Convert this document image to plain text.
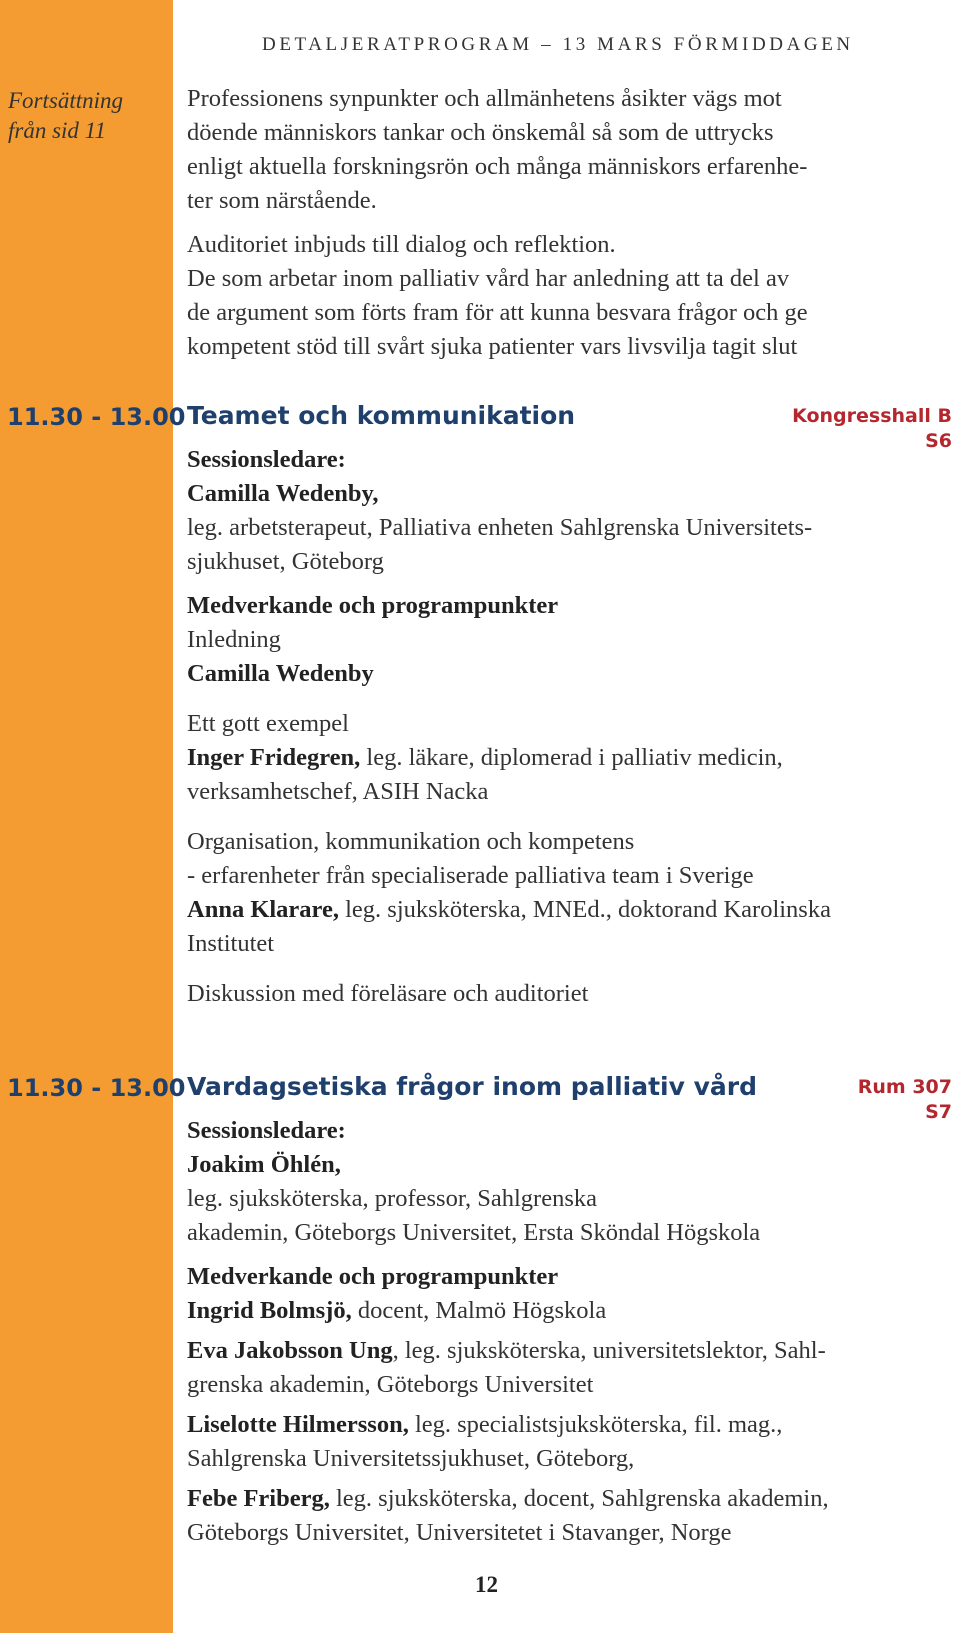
DETALJERATPROGRAM – 13 MARS FÖRMIDDAGEN
Fortsättning
från sid 11
Professionens synpunkter och allmänhetens åsikter vägs mot
döende människors tankar och önskemål så som de uttrycks
enligt aktuella forskningsrön och många människors erfarenhe-
ter som närstående.
Auditoriet inbjuds till dialog och reflektion.
De som arbetar inom palliativ vård har anledning att ta del av
de argument som förts fram för att kunna besvara frågor och ge
kompetent stöd till svårt sjuka patienter vars livsvilja tagit slut
11.30 - 13.00 Teamet och kommunikation	Kongresshall B
S6
Sessionsledare:
Camilla Wedenby,
leg. arbetsterapeut, Palliativa enheten Sahlgrenska Universitets-
sjukhuset, Göteborg
Medverkande och programpunkter
Inledning
Camilla Wedenby
Ett gott exempel
Inger Fridegren, leg. läkare, diplomerad i palliativ medicin,
verksamhetschef, ASIH Nacka
Organisation, kommunikation och kompetens
- erfarenheter från specialiserade palliativa team i Sverige
Anna Klarare, leg. sjuksköterska, MNEd., doktorand Karolinska
Institutet
Diskussion med föreläsare och auditoriet
11.30 - 13.00 Vardagsetiska frågor inom palliativ vård	Rum 307
S7
Sessionsledare:
Joakim Öhlén,
leg. sjuksköterska, professor, Sahlgrenska
akademin, Göteborgs Universitet, Ersta Sköndal Högskola
Medverkande och programpunkter
Ingrid Bolmsjö, docent, Malmö Högskola
Eva Jakobsson Ung, leg. sjuksköterska, universitetslektor, Sahl-
grenska akademin, Göteborgs Universitet
Liselotte Hilmersson, leg. specialistsjuksköterska, fil. mag.,
Sahlgrenska Universitetssjukhuset, Göteborg,
Febe Friberg, leg. sjuksköterska, docent, Sahlgrenska akademin,
Göteborgs Universitet, Universitetet i Stavanger, Norge
12
